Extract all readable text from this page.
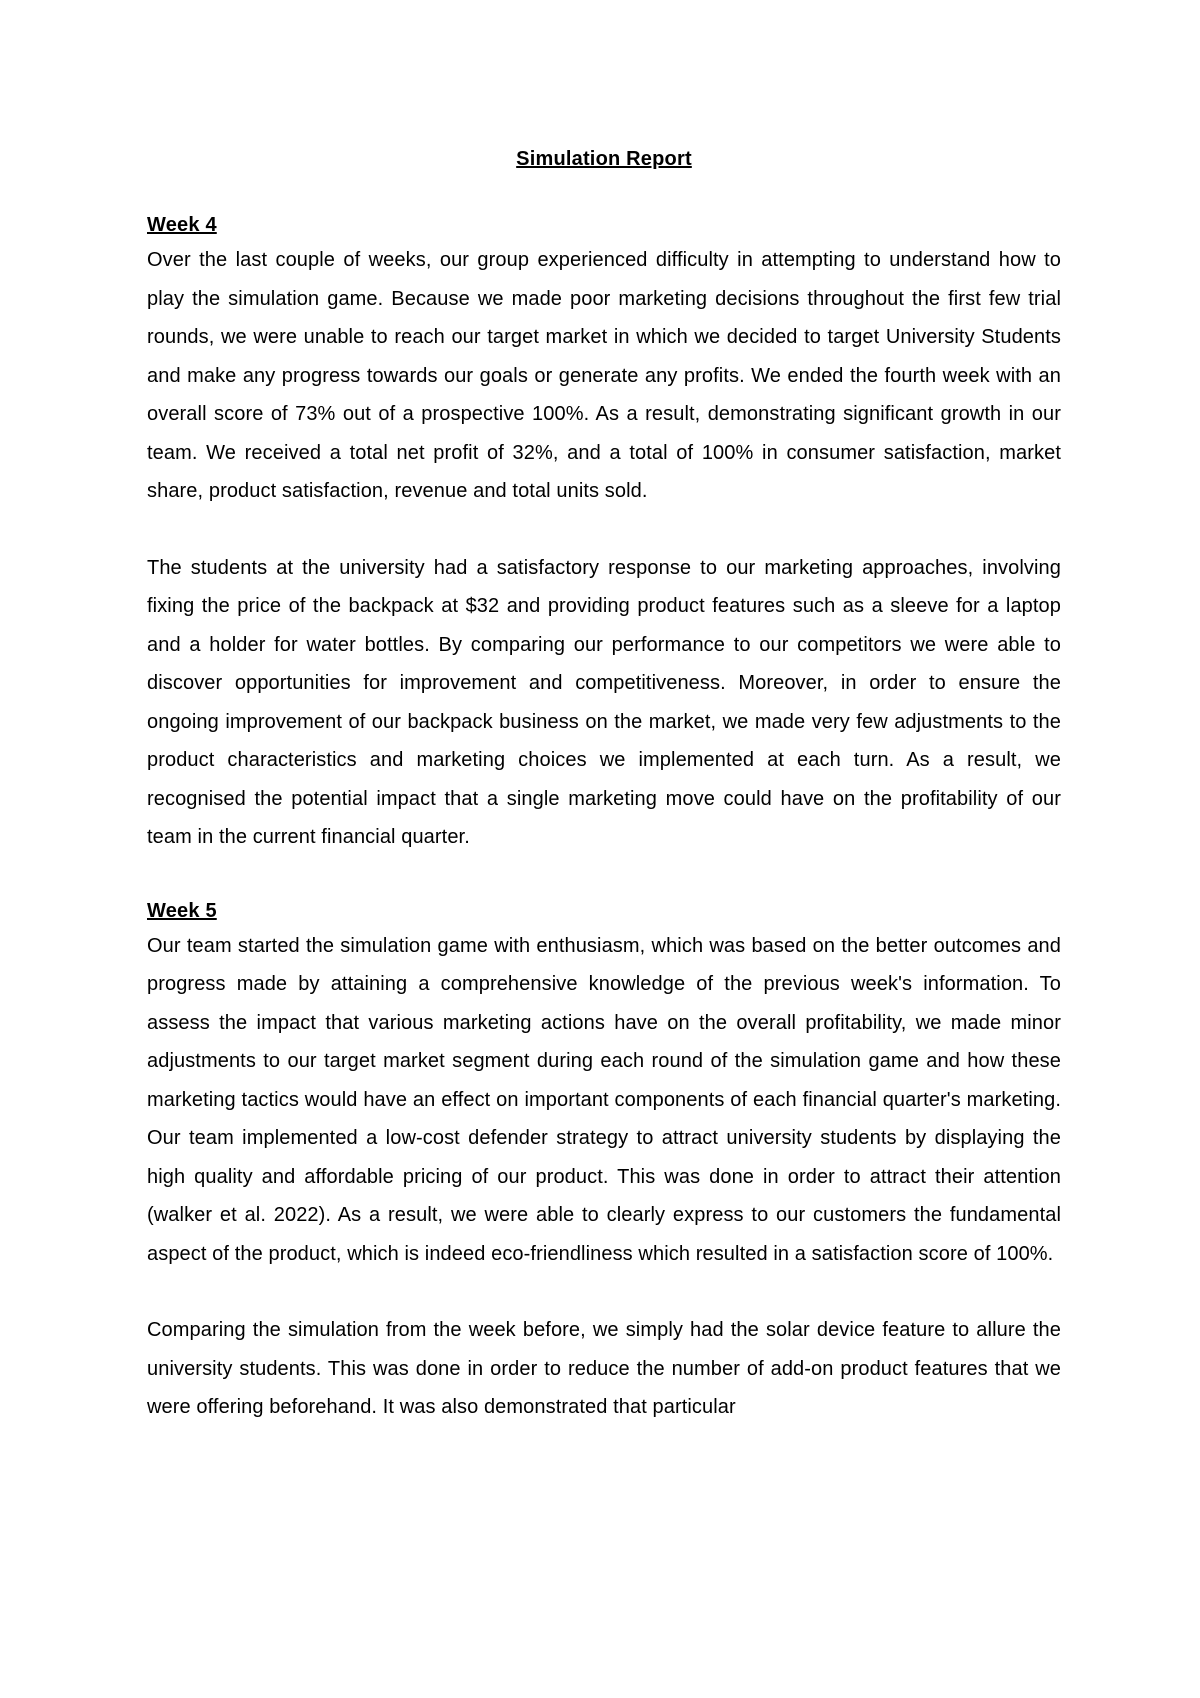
Simulation Report
Week 4

Over the last couple of weeks, our group experienced difficulty in attempting to understand how to play the simulation game. Because we made poor marketing decisions throughout the first few trial rounds, we were unable to reach our target market in which we decided to target University Students and make any progress towards our goals or generate any profits. We ended the fourth week with an overall score of 73% out of a prospective 100%. As a result, demonstrating significant growth in our team. We received a total net profit of 32%, and a total of 100% in consumer satisfaction, market share, product satisfaction, revenue and total units sold.

The students at the university had a satisfactory response to our marketing approaches, involving fixing the price of the backpack at $32 and providing product features such as a sleeve for a laptop and a holder for water bottles. By comparing our performance to our competitors we were able to discover opportunities for improvement and competitiveness. Moreover, in order to ensure the ongoing improvement of our backpack business on the market, we made very few adjustments to the product characteristics and marketing choices we implemented at each turn. As a result, we recognised the potential impact that a single marketing move could have on the profitability of our team in the current financial quarter.

Week 5

Our team started the simulation game with enthusiasm, which was based on the better outcomes and progress made by attaining a comprehensive knowledge of the previous week's information. To assess the impact that various marketing actions have on the overall profitability, we made minor adjustments to our target market segment during each round of the simulation game and how these marketing tactics would have an effect on important components of each financial quarter's marketing. Our team implemented a low-cost defender strategy to attract university students by displaying the high quality and affordable pricing of our product. This was done in order to attract their attention (walker et al. 2022). As a result, we were able to clearly express to our customers the fundamental aspect of the product, which is indeed eco-friendliness which resulted in a satisfaction score of 100%.

Comparing the simulation from the week before, we simply had the solar device feature to allure the university students. This was done in order to reduce the number of add-on product features that we were offering beforehand. It was also demonstrated that particular
